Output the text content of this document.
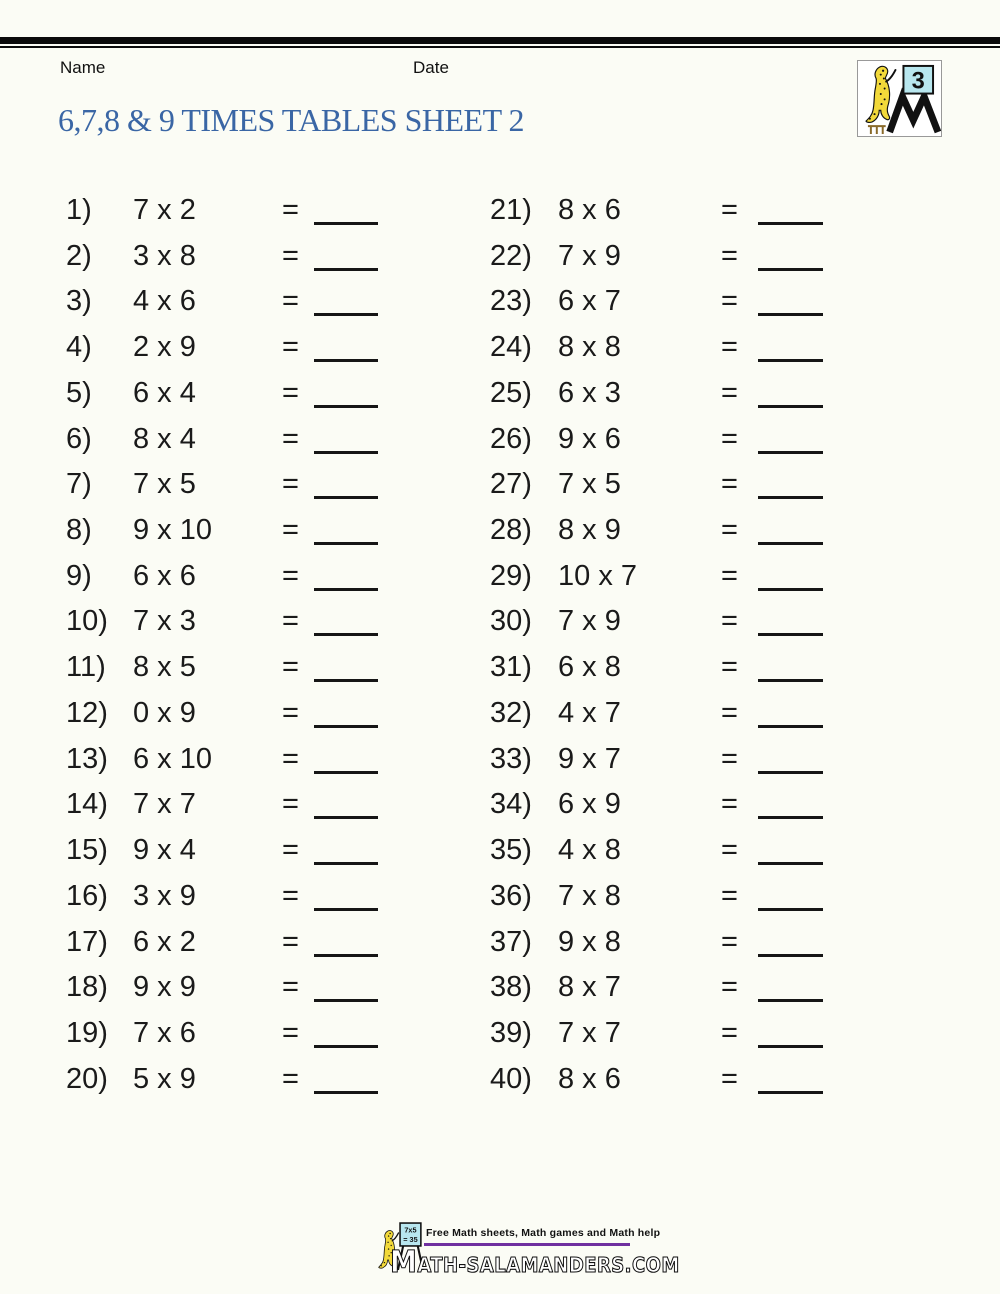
Name	Date
3
6,7,8 & 9 TIMES TABLES SHEET 2
1) 7 x 2	=	21) 8 x 6	=
2) 3 x 8	=	22) 7 x 9	=
3) 4 x 6	=	23) 6 x 7	=
4) 2 x 9	=	24) 8 x 8	=
5) 6 x 4	=	25) 6 x 3	=
6) 8 x 4	=	26) 9 x 6	=
7) 7 x 5	=	27) 7 x 5	=
8) 9 x 10 =	28) 8 x 9	=
9) 6 x 6	=	29) 10 x 7	=
10) 7 x 3	=	30) 7 x 9	=
11) 8 x 5	=	31) 6 x 8	=
12) 0 x 9	=	32) 4 x 7	=
13) 6 x 10 =	33) 9 x 7	=
14) 7 x 7	=	34) 6 x 9	=
15) 9 x 4	=	35) 4 x 8	=
16) 3 x 9	=	36) 7 x 8	=
17) 6 x 2	=	37) 9 x 8	=
18) 9 x 9	=	38) 8 x 7	=
19) 7 x 6	=	39) 7 x 7	=
20) 5 x 9	=	40) 8 x 6	=
7x5
= 35
Free Math sheets, Math games and Math help
MATH-SALAMANDERS.COM
